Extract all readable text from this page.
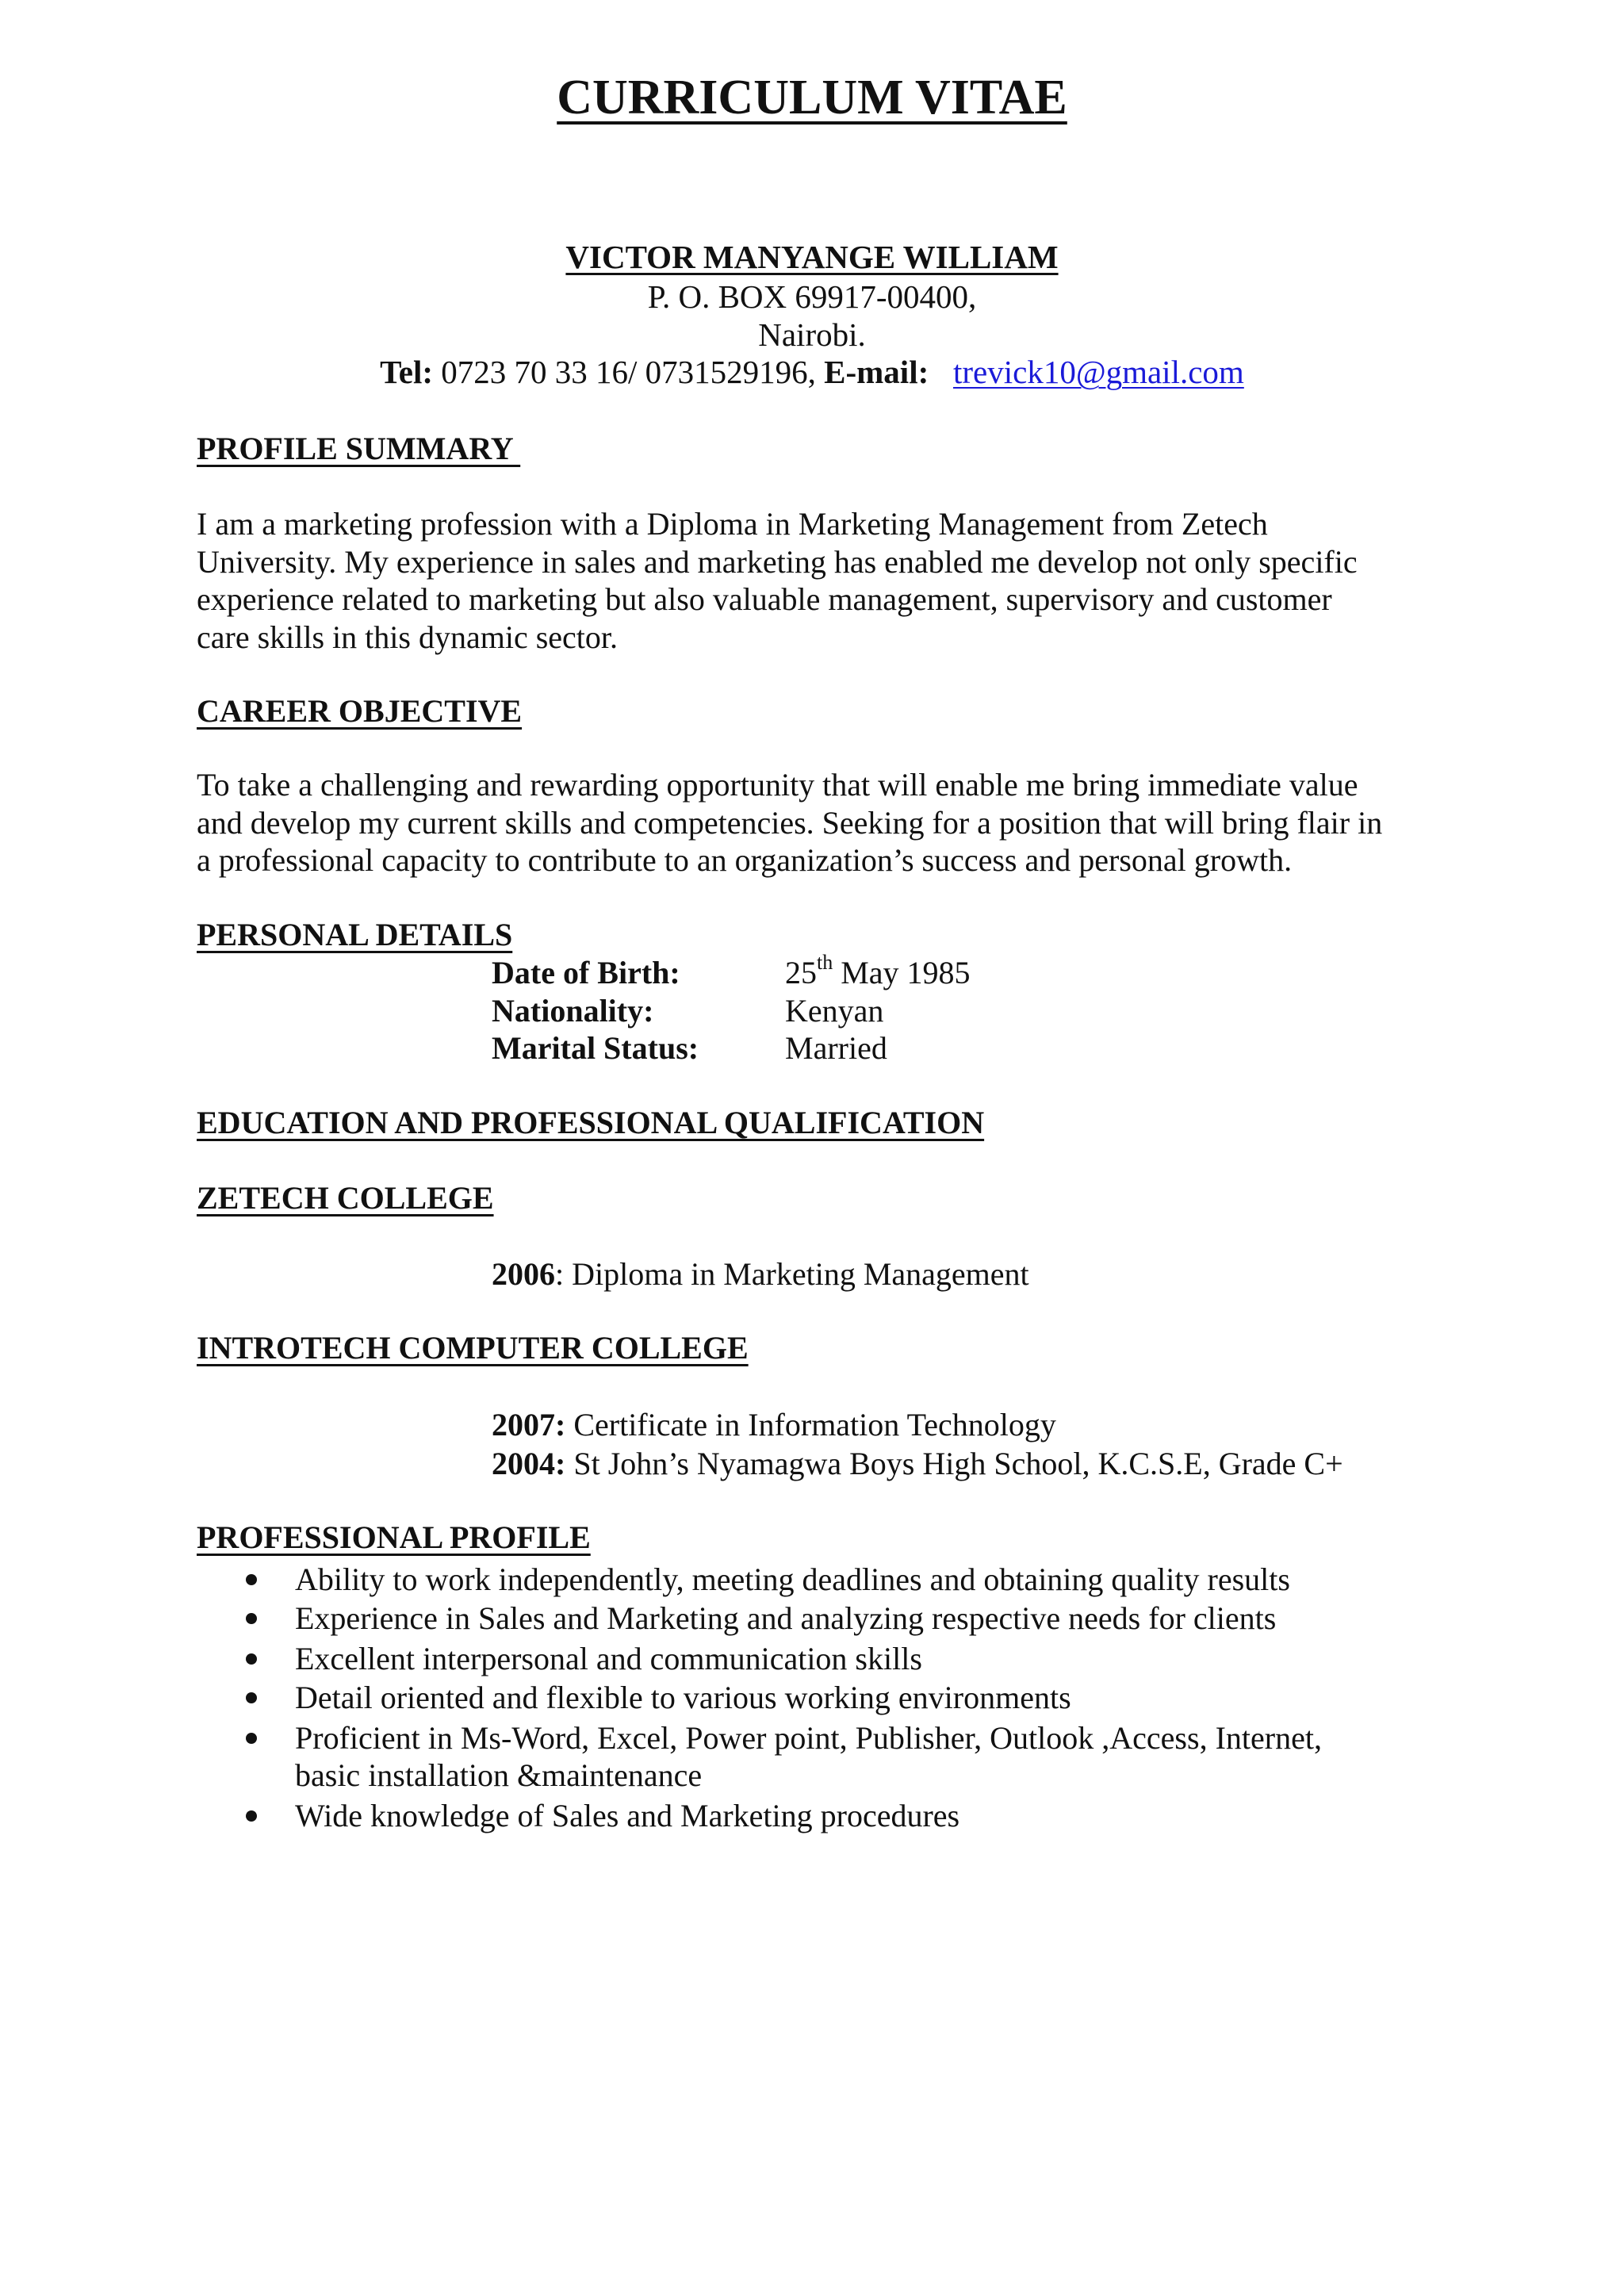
CURRICULUM VITAE
VICTOR MANYANGE WILLIAM
P. O. BOX 69917-00400,
Nairobi.
Tel: 0723 70 33 16/ 0731529196, E-mail: trevick10@gmail.com
PROFILE SUMMARY
I am a marketing profession with a Diploma in Marketing Management from Zetech
University. My experience in sales and marketing has enabled me develop not only specific
experience related to marketing but also valuable management, supervisory and customer
care skills in this dynamic sector.
CAREER OBJECTIVE
To take a challenging and rewarding opportunity that will enable me bring immediate value
and develop my current skills and competencies. Seeking for a position that will bring flair in
a professional capacity to contribute to an organization’s success and personal growth.
PERSONAL DETAILS
Date of Birth:	25th May 1985
Nationality:	Kenyan
Marital Status:	Married
EDUCATION AND PROFESSIONAL QUALIFICATION
ZETECH COLLEGE
2006: Diploma in Marketing Management
INTROTECH COMPUTER COLLEGE
2007: Certificate in Information Technology
2004: St John’s Nyamagwa Boys High School, K.C.S.E, Grade C+
PROFESSIONAL PROFILE
Ability to work independently, meeting deadlines and obtaining quality results
Experience in Sales and Marketing and analyzing respective needs for clients
Excellent interpersonal and communication skills
Detail oriented and flexible to various working environments
Proficient in Ms-Word, Excel, Power point, Publisher, Outlook ,Access, Internet,
basic installation &maintenance
Wide knowledge of Sales and Marketing procedures
